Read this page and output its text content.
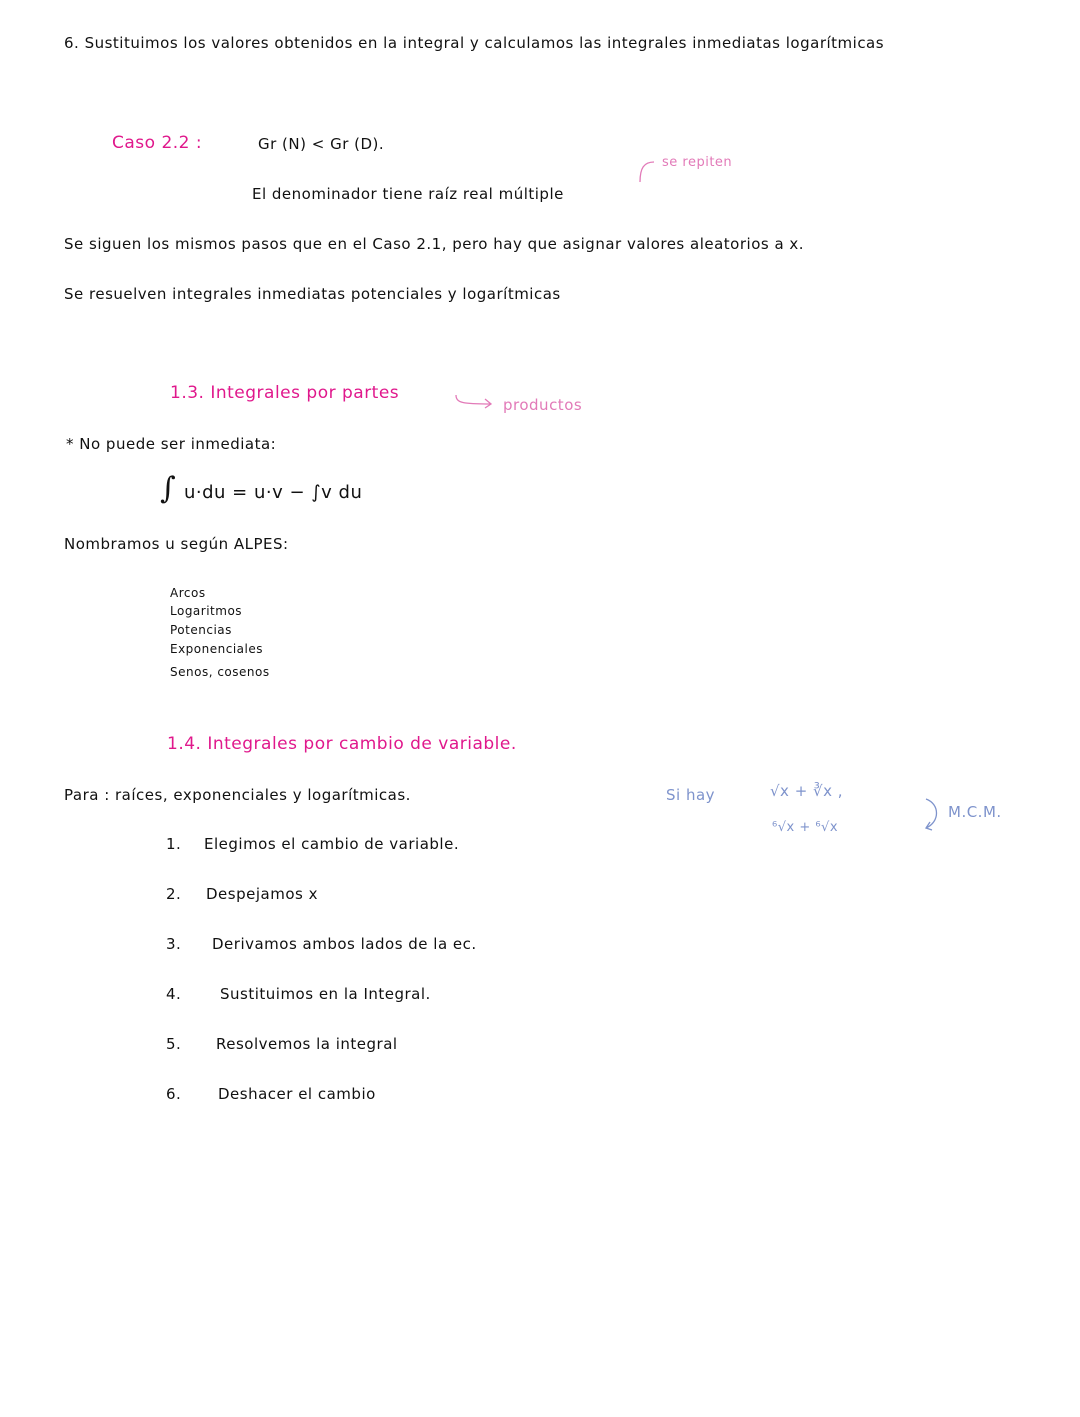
6. Sustituimos los valores obtenidos en la integral y calculamos las integrales inmediatas logarítmicas
Caso 2.2 :	Gr (N) < Gr (D).
se repiten
El denominador tiene raíz real múltiple
Se siguen los mismos pasos que en el Caso 2.1, pero hay que asignar valores aleatorios a x.
Se resuelven integrales inmediatas potenciales y logarítmicas
1.3. Integrales por partes
productos
* No puede ser inmediata:
∫ u·du = u·v − ∫v du
Nombramos u según ALPES:
Arcos
Logaritmos
Potencias
Exponenciales
Senos, cosenos
1.4. Integrales por cambio de variable.
Para : raíces, exponenciales y logarítmicas.	Si hay	√x + ∛x ,
⁶√x + ⁶√x
M.C.M.
1. Elegimos el cambio de variable.
2. Despejamos x
3. Derivamos ambos lados de la ec.
4.	Sustituimos en la Integral.
5. Resolvemos la integral
6. Deshacer el cambio
